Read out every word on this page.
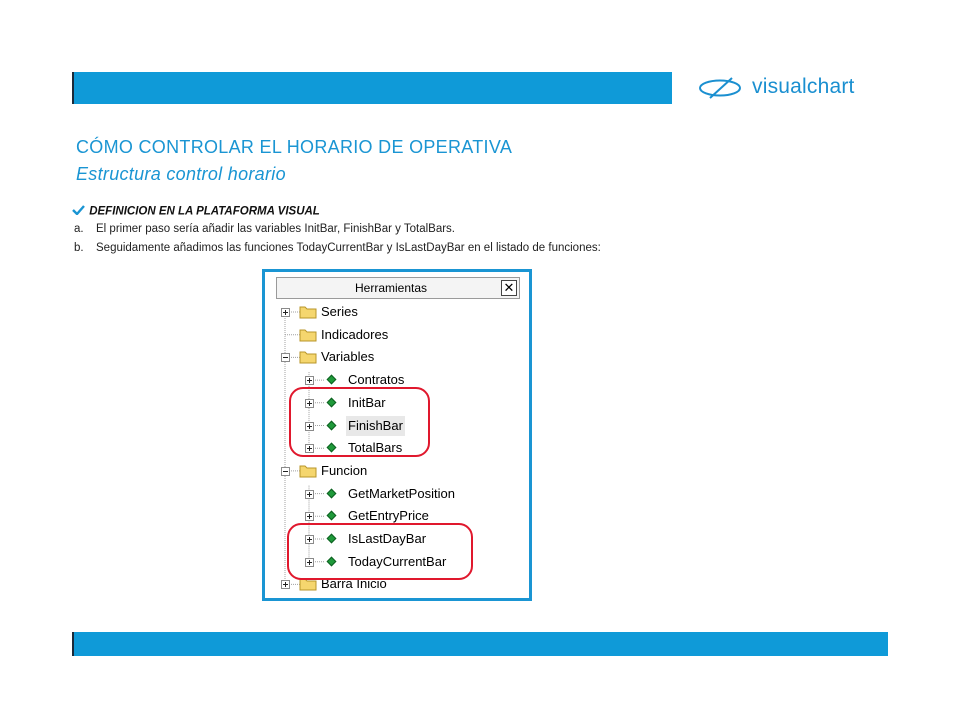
visualchart
CÓMO CONTROLAR EL HORARIO DE OPERATIVA
Estructura control horario
DEFINICION EN LA PLATAFORMA VISUAL
a. El primer paso sería añadir las variables InitBar, FinishBar y TotalBars.
b. Seguidamente añadimos las funciones TodayCurrentBar y IsLastDayBar en el listado de funciones:
Herramientas	✕
Series
Indicadores
Variables
Contratos
InitBar
FinishBar
TotalBars
Funcion
GetMarketPosition
GetEntryPrice
IsLastDayBar
TodayCurrentBar
Barra Inicio
